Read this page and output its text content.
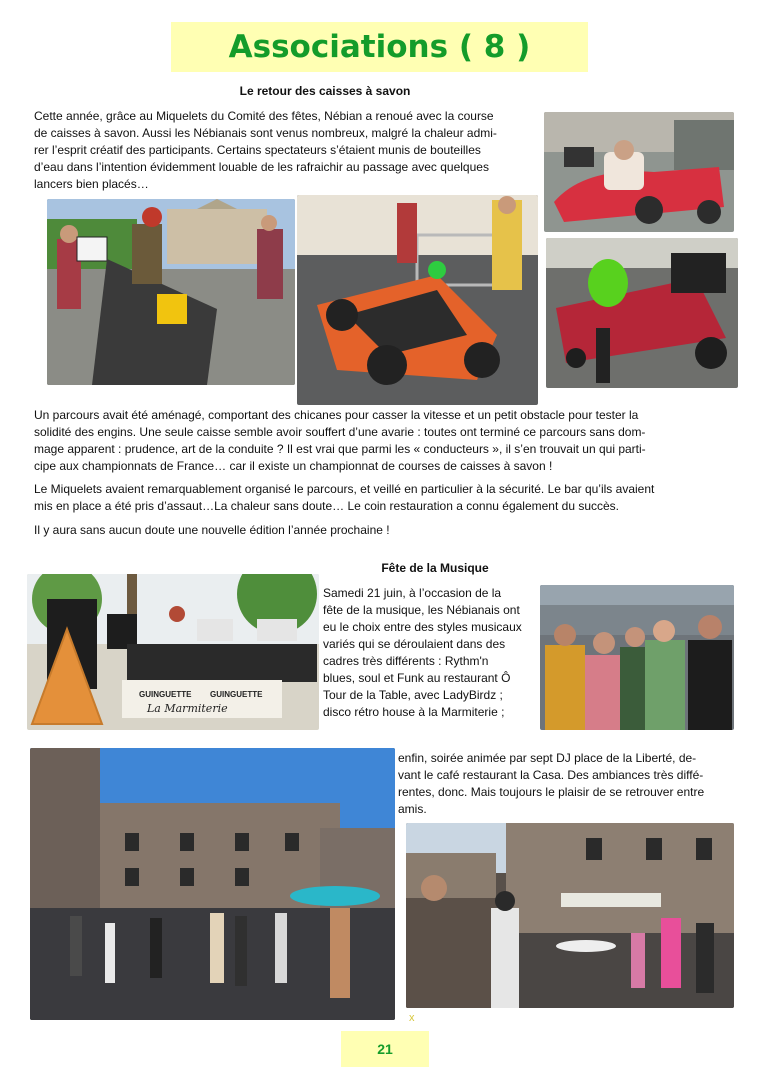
Associations ( 8 )
Le retour des caisses à savon
Cette année, grâce au Miquelets du Comité des fêtes, Nébian a renoué avec la course
de caisses à savon. Aussi les Nébianais sont venus nombreux, malgré la chaleur admi-
rer l’esprit créatif des participants. Certains spectateurs s’étaient munis de bouteilles
d’eau dans l’intention évidemment louable de les rafraichir au passage avec quelques
lancers bien placés…
Un parcours avait été aménagé, comportant des chicanes pour casser la vitesse et un petit obstacle pour tester la
solidité des engins. Une seule caisse semble avoir souffert d’une avarie : toutes ont terminé ce parcours sans dom-
mage apparent : prudence, art de la conduite ? Il est vrai que parmi les « conducteurs », il s’en trouvait un qui parti-
cipe aux championnats de France… car il existe un championnat de courses de caisses à savon !
Le Miquelets avaient remarquablement organisé le parcours, et veillé en particulier à la sécurité. Le bar qu’ils avaient
mis en place a été pris d’assaut…La chaleur sans doute… Le coin restauration a connu également du succès.
Il y aura sans aucun doute une nouvelle édition l’année prochaine !
Fête de la Musique
GUINGUETTE GUINGUETTE
La Marmiterie
Samedi 21 juin, à l’occasion de la
fête de la musique, les Nébianais ont
eu le choix entre des styles musicaux
variés qui se déroulaient dans des
cadres très différents : Rythm'n
blues, soul et Funk au restaurant Ô
Tour de la Table, avec LadyBirdz ;
disco rétro house à la Marmiterie ;
enfin, soirée animée par sept DJ place de la Liberté, de-
vant le café restaurant la Casa. Des ambiances très diffé-
rentes, donc. Mais toujours le plaisir de se retrouver entre
amis.
x
21
